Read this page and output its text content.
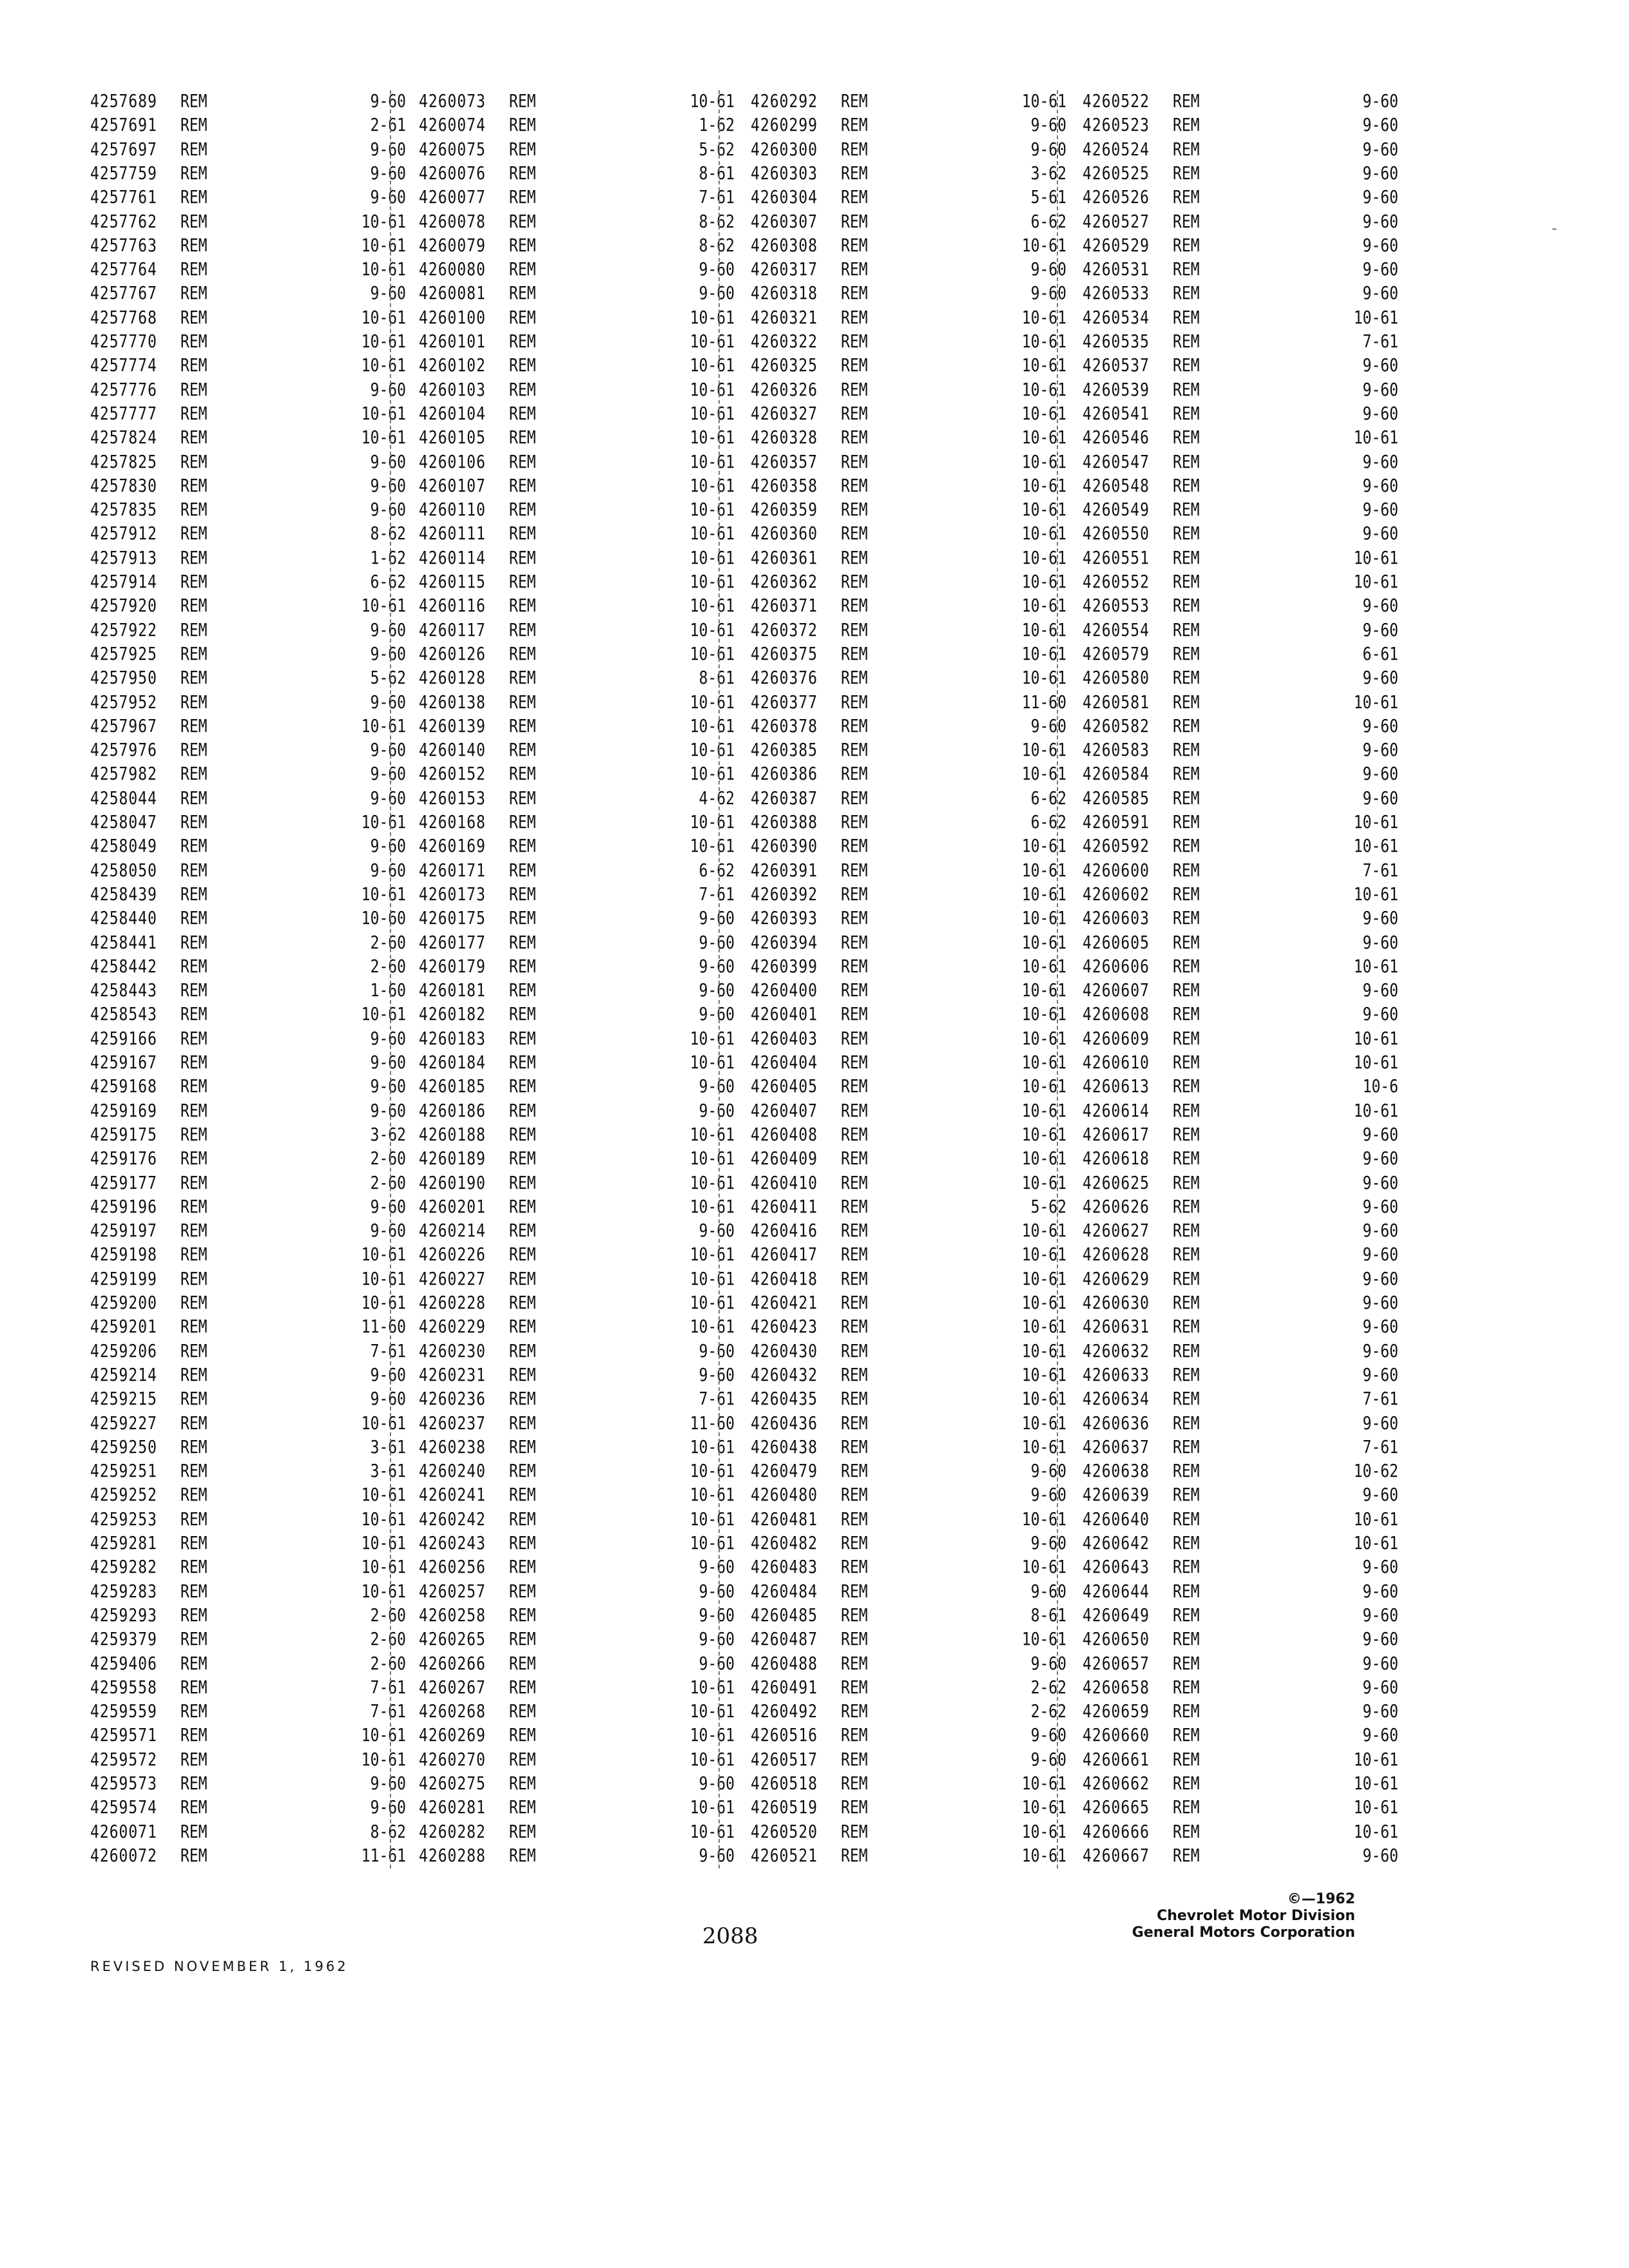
4257689 REM	9-60
4257691 REM	2-61
4257697 REM	9-60
4257759 REM	9-60
4257761 REM	9-60
4257762 REM	10-61
4257763 REM	10-61
4257764 REM	10-61
4257767 REM	9-60
4257768 REM	10-61
4257770 REM	10-61
4257774 REM	10-61
4257776 REM	9-60
4257777 REM	10-61
4257824 REM	10-61
4257825 REM	9-60
4257830 REM	9-60
4257835 REM	9-60
4257912 REM	8-62
4257913 REM	1-62
4257914 REM	6-62
4257920 REM	10-61
4257922 REM	9-60
4257925 REM	9-60
4257950 REM	5-62
4257952 REM	9-60
4257967 REM	10-61
4257976 REM	9-60
4257982 REM	9-60
4258044 REM	9-60
4258047 REM	10-61
4258049 REM	9-60
4258050 REM	9-60
4258439 REM	10-61
4258440 REM	10-60
4258441 REM	2-60
4258442 REM	2-60
4258443 REM	1-60
4258543 REM	10-61
4259166 REM	9-60
4259167 REM	9-60
4259168 REM	9-60
4259169 REM	9-60
4259175 REM	3-62
4259176 REM	2-60
4259177 REM	2-60
4259196 REM	9-60
4259197 REM	9-60
4259198 REM	10-61
4259199 REM	10-61
4259200 REM	10-61
4259201 REM	11-60
4259206 REM	7-61
4259214 REM	9-60
4259215 REM	9-60
4259227 REM	10-61
4259250 REM	3-61
4259251 REM	3-61
4259252 REM	10-61
4259253 REM	10-61
4259281 REM	10-61
4259282 REM	10-61
4259283 REM	10-61
4259293 REM	2-60
4259379 REM	2-60
4259406 REM	2-60
4259558 REM	7-61
4259559 REM	7-61
4259571 REM	10-61
4259572 REM	10-61
4259573 REM	9-60
4259574 REM	9-60
4260071 REM	8-62
4260072 REM	11-61
4260073 REM	10-61
4260074 REM	1-62
4260075 REM	5-62
4260076 REM	8-61
4260077 REM	7-61
4260078 REM	8-62
4260079 REM	8-62
4260080 REM	9-60
4260081 REM	9-60
4260100 REM	10-61
4260101 REM	10-61
4260102 REM	10-61
4260103 REM	10-61
4260104 REM	10-61
4260105 REM	10-61
4260106 REM	10-61
4260107 REM	10-61
4260110 REM	10-61
4260111 REM	10-61
4260114 REM	10-61
4260115 REM	10-61
4260116 REM	10-61
4260117 REM	10-61
4260126 REM	10-61
4260128 REM	8-61
4260138 REM	10-61
4260139 REM	10-61
4260140 REM	10-61
4260152 REM	10-61
4260153 REM	4-62
4260168 REM	10-61
4260169 REM	10-61
4260171 REM	6-62
4260173 REM	7-61
4260175 REM	9-60
4260177 REM	9-60
4260179 REM	9-60
4260181 REM	9-60
4260182 REM	9-60
4260183 REM	10-61
4260184 REM	10-61
4260185 REM	9-60
4260186 REM	9-60
4260188 REM	10-61
4260189 REM	10-61
4260190 REM	10-61
4260201 REM	10-61
4260214 REM	9-60
4260226 REM	10-61
4260227 REM	10-61
4260228 REM	10-61
4260229 REM	10-61
4260230 REM	9-60
4260231 REM	9-60
4260236 REM	7-61
4260237 REM	11-60
4260238 REM	10-61
4260240 REM	10-61
4260241 REM	10-61
4260242 REM	10-61
4260243 REM	10-61
4260256 REM	9-60
4260257 REM	9-60
4260258 REM	9-60
4260265 REM	9-60
4260266 REM	9-60
4260267 REM	10-61
4260268 REM	10-61
4260269 REM	10-61
4260270 REM	10-61
4260275 REM	9-60
4260281 REM	10-61
4260282 REM	10-61
4260288 REM	9-60
4260292 REM	10-61
4260299 REM	9-60
4260300 REM	9-60
4260303 REM	3-62
4260304 REM	5-61
4260307 REM	6-62
4260308 REM	10-61
4260317 REM	9-60
4260318 REM	9-60
4260321 REM	10-61
4260322 REM	10-61
4260325 REM	10-61
4260326 REM	10-61
4260327 REM	10-61
4260328 REM	10-61
4260357 REM	10-61
4260358 REM	10-61
4260359 REM	10-61
4260360 REM	10-61
4260361 REM	10-61
4260362 REM	10-61
4260371 REM	10-61
4260372 REM	10-61
4260375 REM	10-61
4260376 REM	10-61
4260377 REM	11-60
4260378 REM	9-60
4260385 REM	10-61
4260386 REM	10-61
4260387 REM	6-62
4260388 REM	6-62
4260390 REM	10-61
4260391 REM	10-61
4260392 REM	10-61
4260393 REM	10-61
4260394 REM	10-61
4260399 REM	10-61
4260400 REM	10-61
4260401 REM	10-61
4260403 REM	10-61
4260404 REM	10-61
4260405 REM	10-61
4260407 REM	10-61
4260408 REM	10-61
4260409 REM	10-61
4260410 REM	10-61
4260411 REM	5-62
4260416 REM	10-61
4260417 REM	10-61
4260418 REM	10-61
4260421 REM	10-61
4260423 REM	10-61
4260430 REM	10-61
4260432 REM	10-61
4260435 REM	10-61
4260436 REM	10-61
4260438 REM	10-61
4260479 REM	9-60
4260480 REM	9-60
4260481 REM	10-61
4260482 REM	9-60
4260483 REM	10-61
4260484 REM	9-60
4260485 REM	8-61
4260487 REM	10-61
4260488 REM	9-60
4260491 REM	2-62
4260492 REM	2-62
4260516 REM	9-60
4260517 REM	9-60
4260518 REM	10-61
4260519 REM	10-61
4260520 REM	10-61
4260521 REM	10-61
4260522 REM	9-60
4260523 REM	9-60
4260524 REM	9-60
4260525 REM	9-60
4260526 REM	9-60
4260527 REM	9-60
4260529 REM	9-60
4260531 REM	9-60
4260533 REM	9-60
4260534 REM	10-61
4260535 REM	7-61
4260537 REM	9-60
4260539 REM	9-60
4260541 REM	9-60
4260546 REM	10-61
4260547 REM	9-60
4260548 REM	9-60
4260549 REM	9-60
4260550 REM	9-60
4260551 REM	10-61
4260552 REM	10-61
4260553 REM	9-60
4260554 REM	9-60
4260579 REM	6-61
4260580 REM	9-60
4260581 REM	10-61
4260582 REM	9-60
4260583 REM	9-60
4260584 REM	9-60
4260585 REM	9-60
4260591 REM	10-61
4260592 REM	10-61
4260600 REM	7-61
4260602 REM	10-61
4260603 REM	9-60
4260605 REM	9-60
4260606 REM	10-61
4260607 REM	9-60
4260608 REM	9-60
4260609 REM	10-61
4260610 REM	10-61
4260613 REM	10-6
4260614 REM	10-61
4260617 REM	9-60
4260618 REM	9-60
4260625 REM	9-60
4260626 REM	9-60
4260627 REM	9-60
4260628 REM	9-60
4260629 REM	9-60
4260630 REM	9-60
4260631 REM	9-60
4260632 REM	9-60
4260633 REM	9-60
4260634 REM	7-61
4260636 REM	9-60
4260637 REM	7-61
4260638 REM	10-62
4260639 REM	9-60
4260640 REM	10-61
4260642 REM	10-61
4260643 REM	9-60
4260644 REM	9-60
4260649 REM	9-60
4260650 REM	9-60
4260657 REM	9-60
4260658 REM	9-60
4260659 REM	9-60
4260660 REM	9-60
4260661 REM	10-61
4260662 REM	10-61
4260665 REM	10-61
4260666 REM	10-61
4260667 REM	9-60
-
©—1962
Chevrolet Motor Division
General Motors Corporation
2088
REVISED NOVEMBER 1, 1962
